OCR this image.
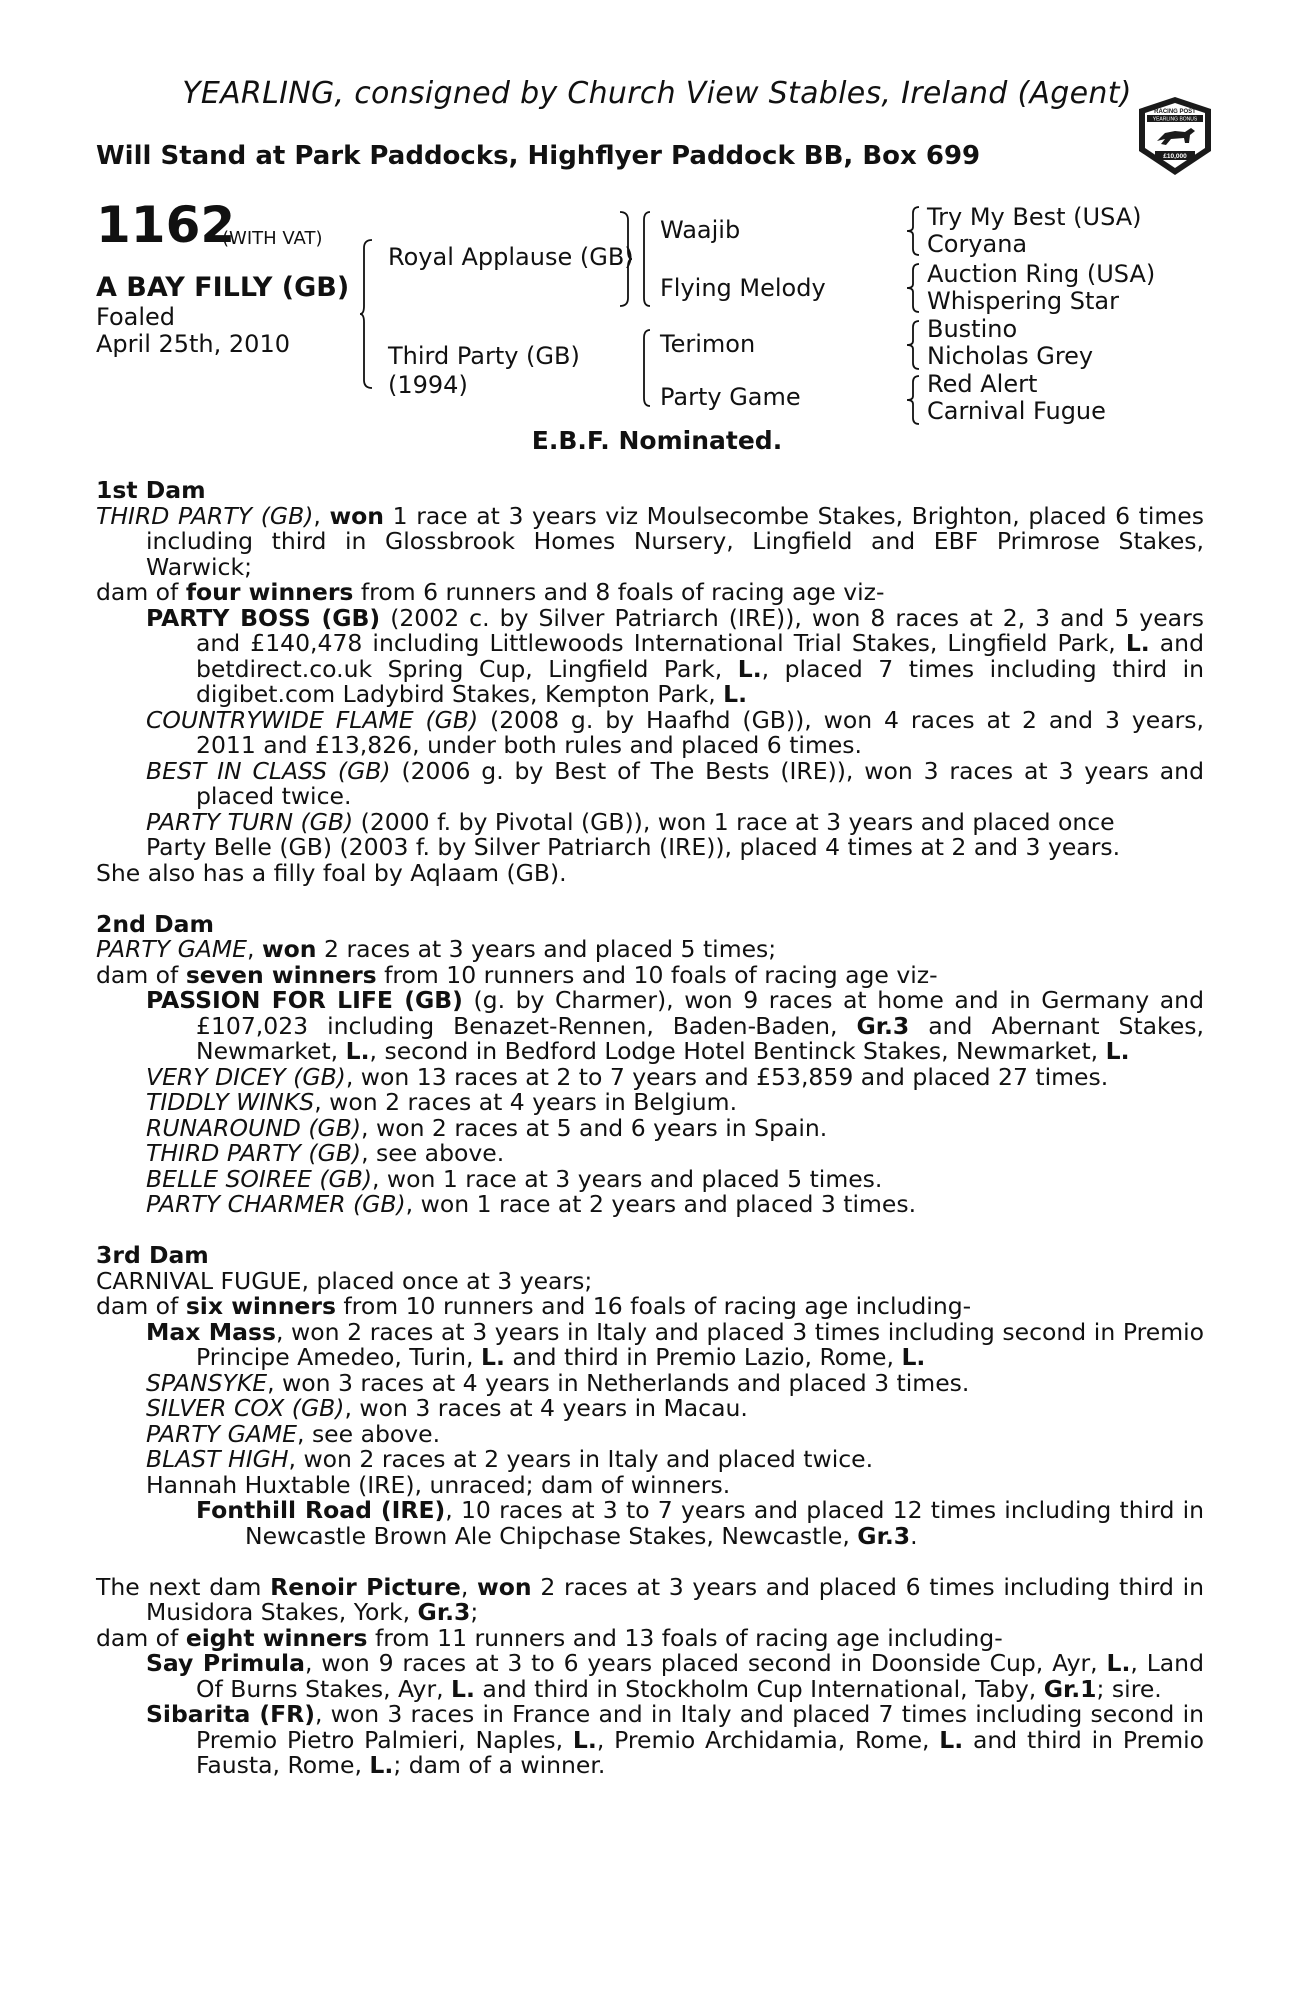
YEARLING, consigned by Church View Stables, Ireland (Agent)
Will Stand at Park Paddocks, Highflyer Paddock BB, Box 699
RACING POST
YEARLING BONUS
£10,000
1162
(WITH VAT)
A BAY FILLY (GB)
Foaled
April 25th, 2010
Royal Applause (GB)
Third Party (GB)
(1994)
Waajib
Flying Melody
Terimon
Party Game
Try My Best (USA)
Coryana
Auction Ring (USA)
Whispering Star
Bustino
Nicholas Grey
Red Alert
Carnival Fugue
E.B.F. Nominated.
1st Dam
THIRD PARTY (GB), won 1 race at 3 years viz Moulsecombe Stakes, Brighton, placed 6 times including third in Glossbrook Homes Nursery, Lingfield and EBF Primrose Stakes, Warwick;
dam of four winners from 6 runners and 8 foals of racing age viz-
PARTY BOSS (GB) (2002 c. by Silver Patriarch (IRE)), won 8 races at 2, 3 and 5 years and £140,478 including Littlewoods International Trial Stakes, Lingfield Park, L. and betdirect.co.uk Spring Cup, Lingfield Park, L., placed 7 times including third in digibet.com Ladybird Stakes, Kempton Park, L.
COUNTRYWIDE FLAME (GB) (2008 g. by Haafhd (GB)), won 4 races at 2 and 3 years, 2011 and £13,826, under both rules and placed 6 times.
BEST IN CLASS (GB) (2006 g. by Best of The Bests (IRE)), won 3 races at 3 years and placed twice.
PARTY TURN (GB) (2000 f. by Pivotal (GB)), won 1 race at 3 years and placed once
Party Belle (GB) (2003 f. by Silver Patriarch (IRE)), placed 4 times at 2 and 3 years.
She also has a filly foal by Aqlaam (GB).
2nd Dam
PARTY GAME, won 2 races at 3 years and placed 5 times;
dam of seven winners from 10 runners and 10 foals of racing age viz-
PASSION FOR LIFE (GB) (g. by Charmer), won 9 races at home and in Germany and £107,023 including Benazet-Rennen, Baden-Baden, Gr.3 and Abernant Stakes, Newmarket, L., second in Bedford Lodge Hotel Bentinck Stakes, Newmarket, L.
VERY DICEY (GB), won 13 races at 2 to 7 years and £53,859 and placed 27 times.
TIDDLY WINKS, won 2 races at 4 years in Belgium.
RUNAROUND (GB), won 2 races at 5 and 6 years in Spain.
THIRD PARTY (GB), see above.
BELLE SOIREE (GB), won 1 race at 3 years and placed 5 times.
PARTY CHARMER (GB), won 1 race at 2 years and placed 3 times.
3rd Dam
CARNIVAL FUGUE, placed once at 3 years;
dam of six winners from 10 runners and 16 foals of racing age including-
Max Mass, won 2 races at 3 years in Italy and placed 3 times including second in Premio Principe Amedeo, Turin, L. and third in Premio Lazio, Rome, L.
SPANSYKE, won 3 races at 4 years in Netherlands and placed 3 times.
SILVER COX (GB), won 3 races at 4 years in Macau.
PARTY GAME, see above.
BLAST HIGH, won 2 races at 2 years in Italy and placed twice.
Hannah Huxtable (IRE), unraced; dam of winners.
Fonthill Road (IRE), 10 races at 3 to 7 years and placed 12 times including third in Newcastle Brown Ale Chipchase Stakes, Newcastle, Gr.3.
The next dam Renoir Picture, won 2 races at 3 years and placed 6 times including third in Musidora Stakes, York, Gr.3;
dam of eight winners from 11 runners and 13 foals of racing age including-
Say Primula, won 9 races at 3 to 6 years placed second in Doonside Cup, Ayr, L., Land Of Burns Stakes, Ayr, L. and third in Stockholm Cup International, Taby, Gr.1; sire.
Sibarita (FR), won 3 races in France and in Italy and placed 7 times including second in Premio Pietro Palmieri, Naples, L., Premio Archidamia, Rome, L. and third in Premio Fausta, Rome, L.; dam of a winner.
